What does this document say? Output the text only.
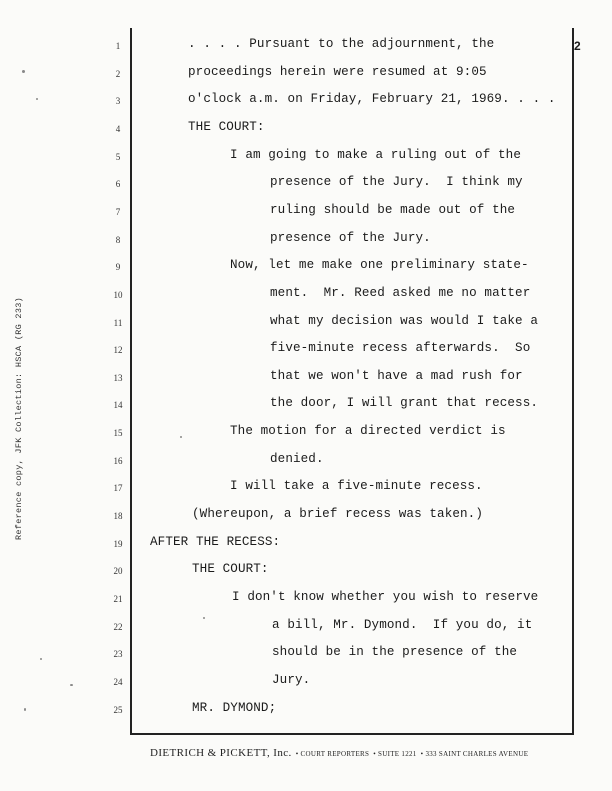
2
Reference copy, JFK Collection: HSCA (RG 233)
1	. . . . Pursuant to the adjournment, the
2	proceedings herein were resumed at 9:05
3	o'clock a.m. on Friday, February 21, 1969. . . .
4	THE COURT:
5	I am going to make a ruling out of the
6	presence of the Jury.  I think my
7	ruling should be made out of the
8	presence of the Jury.
9	Now, let me make one preliminary state-
10	ment.  Mr. Reed asked me no matter
11	what my decision was would I take a
12	five-minute recess afterwards.  So
13	that we won't have a mad rush for
14	the door, I will grant that recess.
15	The motion for a directed verdict is
16	denied.
17	I will take a five-minute recess.
18	(Whereupon, a brief recess was taken.)
19	AFTER THE RECESS:
20	THE COURT:
21	I don't know whether you wish to reserve
22	a bill, Mr. Dymond.  If you do, it
23	should be in the presence of the
24	Jury.
25	MR. DYMOND;
DIETRICH & PICKETT, Inc. • COURT REPORTERS • SUITE 1221 • 333 SAINT CHARLES AVENUE
